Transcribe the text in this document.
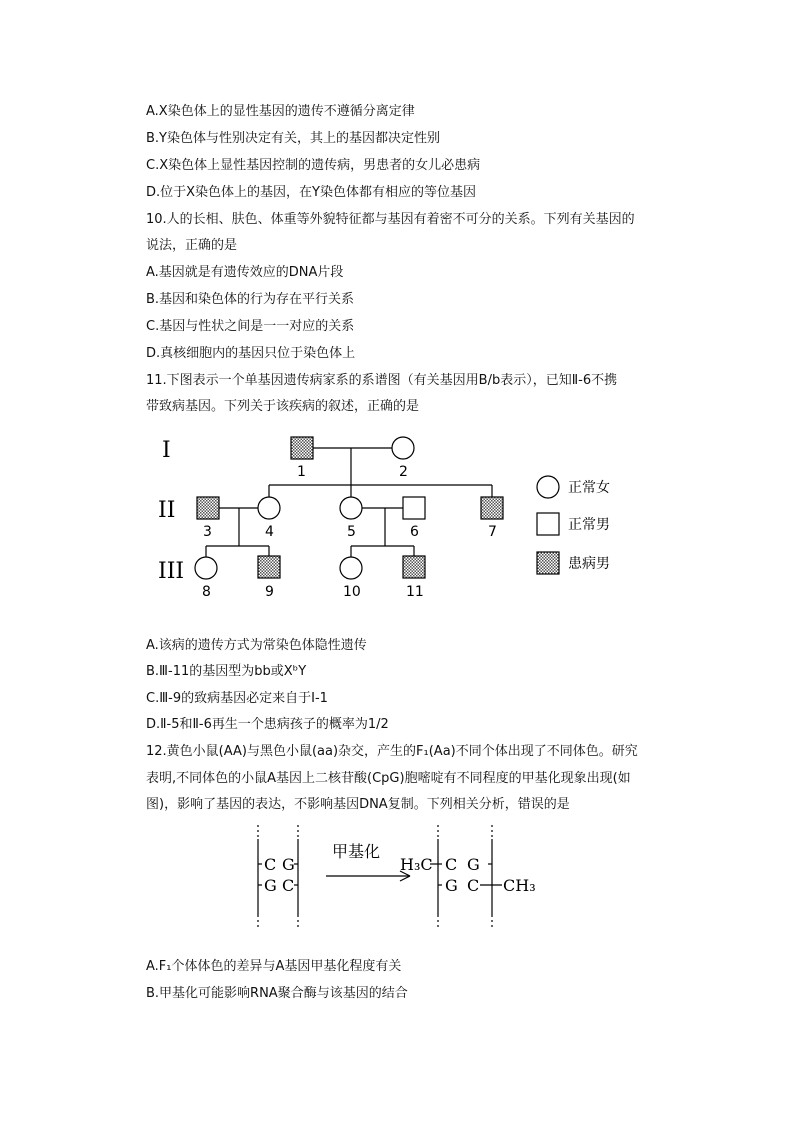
A.X染色体上的显性基因的遗传不遵循分离定律
B.Y染色体与性别决定有关，其上的基因都决定性别
C.X染色体上显性基因控制的遗传病，男患者的女儿必患病
D.位于X染色体上的基因，在Y染色体都有相应的等位基因
10.人的长相、肤色、体重等外貌特征都与基因有着密不可分的关系。下列有关基因的
说法，正确的是
A.基因就是有遗传效应的DNA片段
B.基因和染色体的行为存在平行关系
C.基因与性状之间是一一对应的关系
D.真核细胞内的基因只位于染色体上
11.下图表示一个单基因遗传病家系的系谱图（有关基因用B/b表示），已知Ⅱ-6不携
带致病基因。下列关于该疾病的叙述，正确的是
I
II
III
1	2
3	4	5	6	7
8	9	10	11
正常女
正常男
患病男
A.该病的遗传方式为常染色体隐性遗传
B.Ⅲ-11的基因型为bb或XᵇY
C.Ⅲ-9的致病基因必定来自于Ⅰ-1
D.Ⅱ-5和Ⅱ-6再生一个患病孩子的概率为1/2
12.黄色小鼠(AA)与黑色小鼠(aa)杂交，产生的F₁(Aa)不同个体出现了不同体色。研究
表明,不同体色的小鼠A基因上二核苷酸(CpG)胞嘧啶有不同程度的甲基化现象出现(如
图)，影响了基因的表达，不影响基因DNA复制。下列相关分析，错误的是
C G
G C
甲基化
H₃C C G
G C CH₃
A.F₁个体体色的差异与A基因甲基化程度有关
B.甲基化可能影响RNA聚合酶与该基因的结合
